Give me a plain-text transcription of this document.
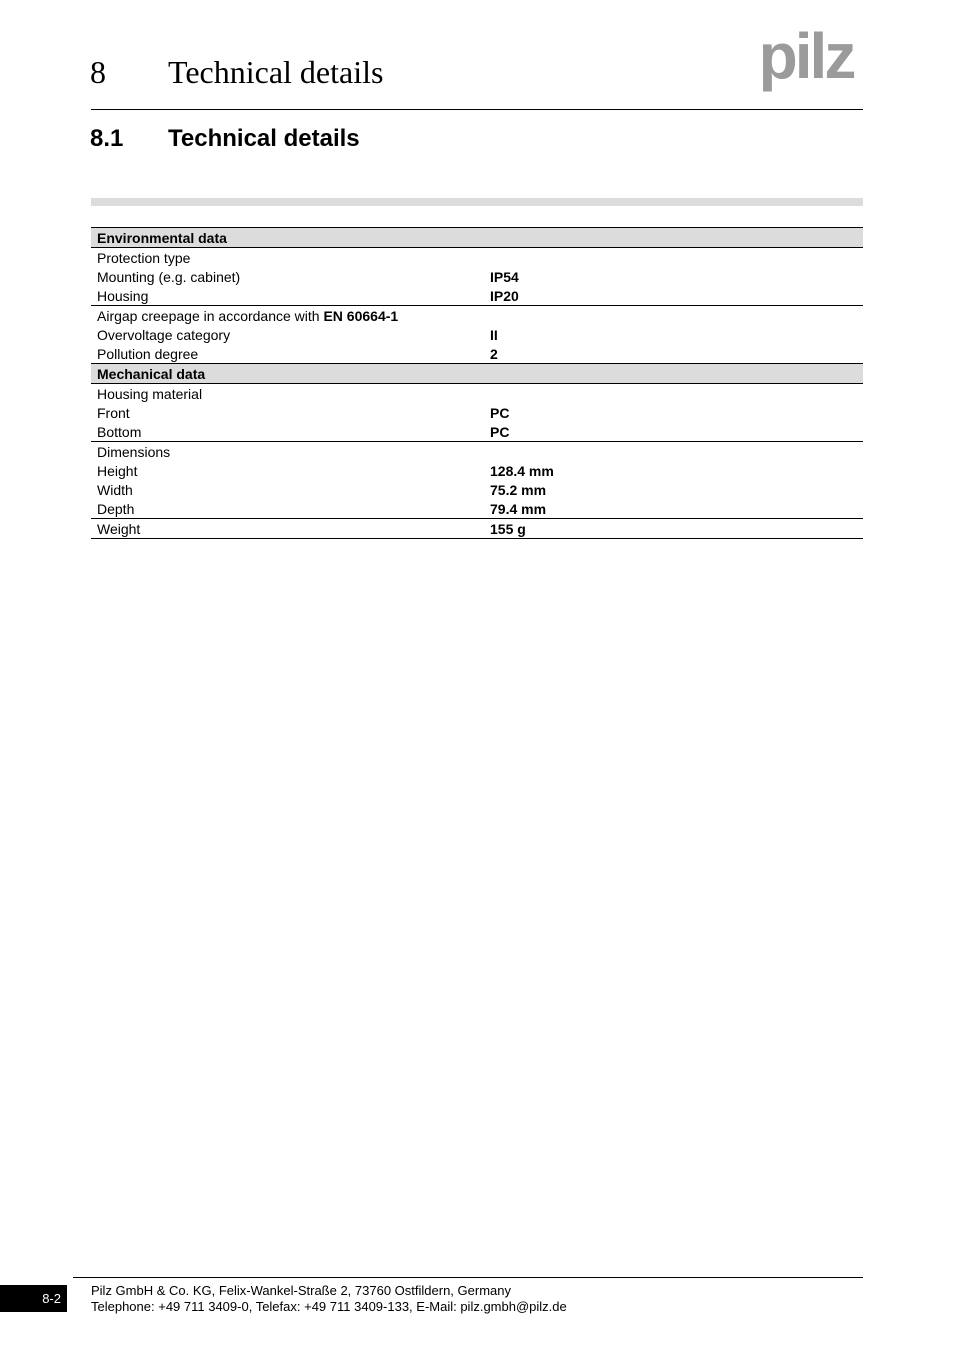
8 Technical details	pilz
8.1 Technical details
Environmental data	
Protection type	
Mounting (e.g. cabinet)	IP54
Housing	IP20
Airgap creepage in accordance with EN 60664-1	
Overvoltage category	II
Pollution degree	2
Mechanical data	
Housing material	
Front	PC
Bottom	PC
Dimensions	
Height	128.4 mm
Width	75.2 mm
Depth	79.4 mm
Weight	155 g
8-2
Pilz GmbH & Co. KG, Felix-Wankel-Straße 2, 73760 Ostfildern, Germany
Telephone: +49 711 3409-0, Telefax: +49 711 3409-133, E-Mail: pilz.gmbh@pilz.de
